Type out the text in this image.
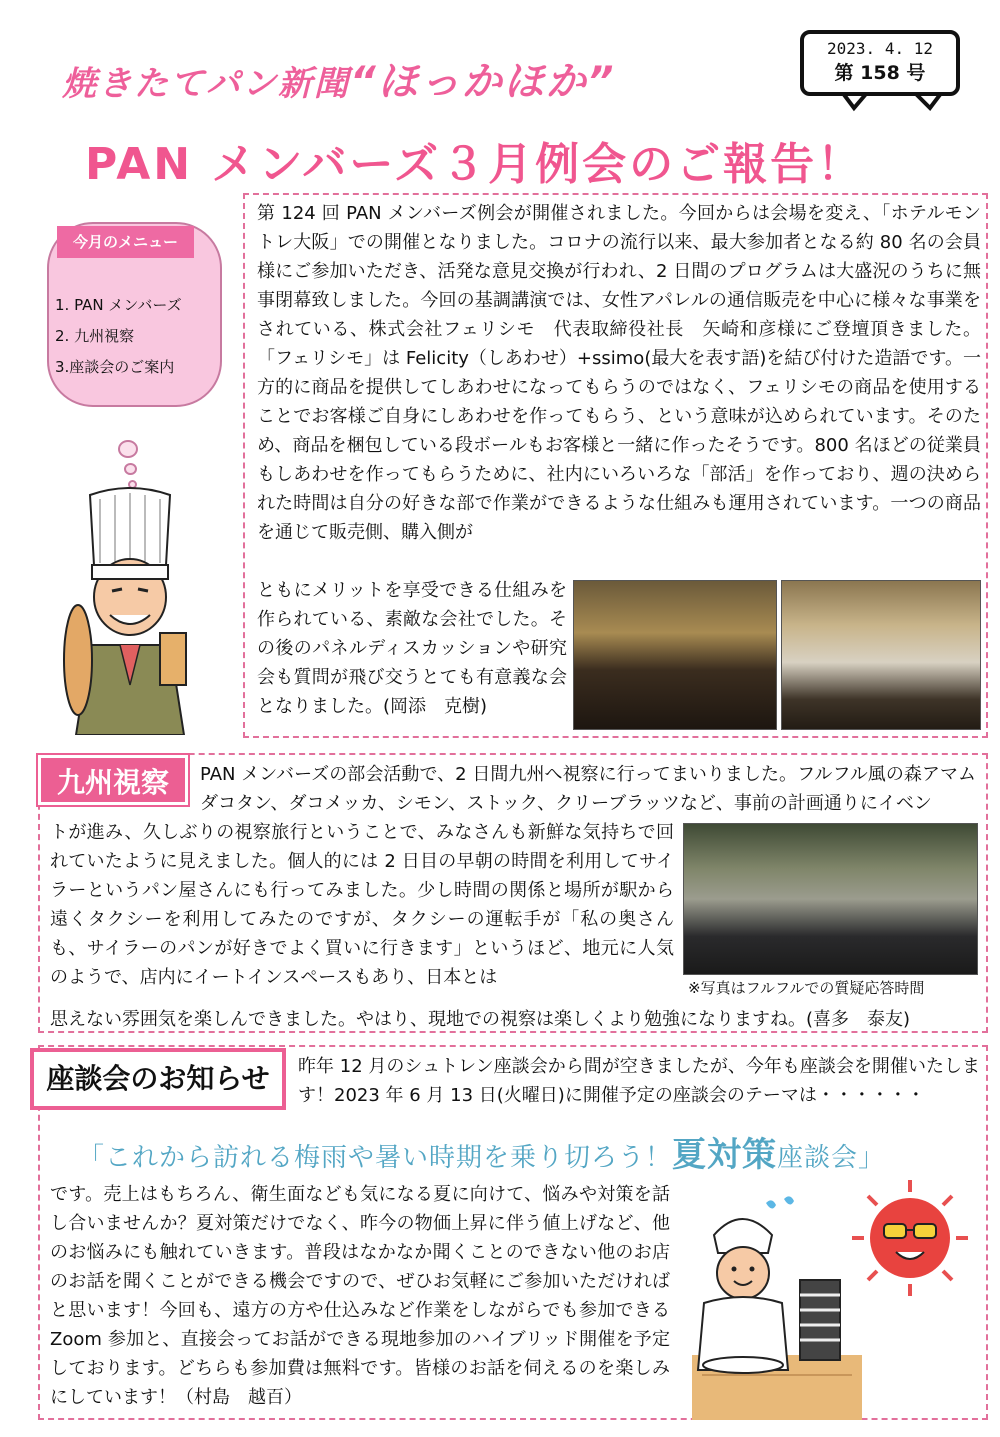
焼きたてパン新聞“ほっかほか”
2023. 4. 12
第 158 号
PAN メンバーズ３月例会のご報告！
今月のメニュー
1. PAN メンバーズ
2. 九州視察
3.座談会のご案内

第 124 回 PAN メンバーズ例会が開催されました。今回からは会場を変え、「ホテルモントレ大阪」での開催となりました。コロナの流行以来、最大参加者となる約 80 名の会員様にご参加いただき、活発な意見交換が行われ、2 日間のプログラムは大盛況のうちに無事閉幕致しました。今回の基調講演では、女性アパレルの通信販売を中心に様々な事業をされている、株式会社フェリシモ　代表取締役社長　矢崎和彦様にご登壇頂きました。「フェリシモ」は Felicity（しあわせ）+ssimo(最大を表す語)を結び付けた造語です。一方的に商品を提供してしあわせになってもらうのではなく、フェリシモの商品を使用することでお客様ご自身にしあわせを作ってもらう、という意味が込められています。そのため、商品を梱包している段ボールもお客様と一緒に作ったそうです。800 名ほどの従業員もしあわせを作ってもらうために、社内にいろいろな「部活」を作っており、週の決められた時間は自分の好きな部で作業ができるような仕組みも運用されています。一つの商品を通じて販売側、購入側が

ともにメリットを享受できる仕組みを作られている、素敵な会社でした。その後のパネルディスカッションや研究会も質問が飛び交うとても有意義な会となりました。(岡添　克樹)

九州視察	PAN メンバーズの部会活動で、2 日間九州へ視察に行ってまいりました。フルフル風の森アマムダコタン、ダコメッカ、シモン、ストック、クリーブラッツなど、事前の計画通りにイベン

トが進み、久しぶりの視察旅行ということで、みなさんも新鮮な気持ちで回れていたように見えました。個人的には 2 日目の早朝の時間を利用してサイラーというパン屋さんにも行ってみました。少し時間の関係と場所が駅から遠くタクシーを利用してみたのですが、タクシーの運転手が「私の奥さんも、サイラーのパンが好きでよく買いに行きます」というほど、地元に人気のようで、店内にイートインスペースもあり、日本とは

思えない雰囲気を楽しんできました。やはり、現地での視察は楽しくより勉強になりますね。(喜多　泰友)

※写真はフルフルでの質疑応答時間
座談会のお知らせ	昨年 12 月のシュトレン座談会から間が空きましたが、今年も座談会を開催いたします！2023 年 6 月 13 日(火曜日)に開催予定の座談会のテーマは・・・・・・

「これから訪れる梅雨や暑い時期を乗り切ろう！夏対策座談会」

です。売上はもちろん、衛生面なども気になる夏に向けて、悩みや対策を話し合いませんか？夏対策だけでなく、昨今の物価上昇に伴う値上げなど、他のお悩みにも触れていきます。普段はなかなか聞くことのできない他のお店のお話を聞くことができる機会ですので、ぜひお気軽にご参加いただければと思います！今回も、遠方の方や仕込みなど作業をしながらでも参加できる Zoom 参加と、直接会ってお話ができる現地参加のハイブリッド開催を予定しております。どちらも参加費は無料です。皆様のお話を伺えるのを楽しみにしています！（村島　越百）
